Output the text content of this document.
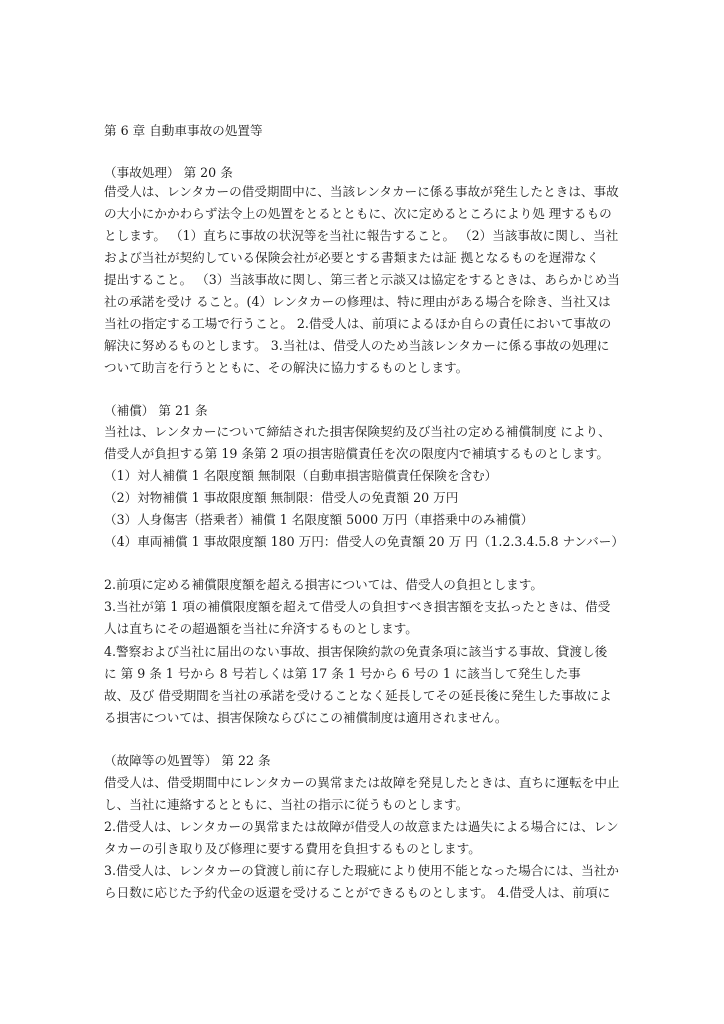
第 6 章 自動車事故の処置等
（事故処理） 第 20 条
借受人は、レンタカーの借受期間中に、当該レンタカーに係る事故が発生したときは、事故
の大小にかかわらず法令上の処置をとるとともに、次に定めるところにより処 理するもの
とします。 （1）直ちに事故の状況等を当社に報告すること。 （2）当該事故に関し、当社
および当社が契約している保険会社が必要とする書類または証 拠となるものを遅滞なく
提出すること。 （3）当該事故に関し、第三者と示談又は協定をするときは、あらかじめ当
社の承諾を受け ること。(4）レンタカーの修理は、特に理由がある場合を除き、当社又は
当社の指定する工場で行うこと。 2.借受人は、前項によるほか自らの責任において事故の
解決に努めるものとします。 3.当社は、借受人のため当該レンタカーに係る事故の処理に
ついて助言を行うとともに、その解決に協力するものとします。
（補償） 第 21 条
当社は、レンタカーについて締結された損害保険契約及び当社の定める補償制度 により、
借受人が負担する第 19 条第 2 項の損害賠償責任を次の限度内で補填するものとします。
（1）対人補償 1 名限度額 無制限（自動車損害賠償責任保険を含む）
（2）対物補償 1 事故限度額 無制限：借受人の免責額 20 万円
（3）人身傷害（搭乗者）補償 1 名限度額 5000 万円（車搭乗中のみ補償）
（4）車両補償 1 事故限度額 180 万円：借受人の免責額 20 万 円（1.2.3.4.5.8 ナンバー）
2.前項に定める補償限度額を超える損害については、借受人の負担とします。
3.当社が第 1 項の補償限度額を超えて借受人の負担すべき損害額を支払ったときは、借受
人は直ちにその超過額を当社に弁済するものとします。
4.警察および当社に届出のない事故、損害保険約款の免責条項に該当する事故、貸渡し後
に 第 9 条 1 号から 8 号若しくは第 17 条 1 号から 6 号の 1 に該当して発生した事
故、及び 借受期間を当社の承諾を受けることなく延長してその延長後に発生した事故によ
る損害については、損害保険ならびにこの補償制度は適用されません。
（故障等の処置等） 第 22 条
借受人は、借受期間中にレンタカーの異常または故障を発見したときは、直ちに運転を中止
し、当社に連絡するとともに、当社の指示に従うものとします。
2.借受人は、レンタカーの異常または故障が借受人の故意または過失による場合には、レン
タカーの引き取り及び修理に要する費用を負担するものとします。
3.借受人は、レンタカーの貸渡し前に存した瑕疵により使用不能となった場合には、当社か
ら日数に応じた予約代金の返還を受けることができるものとします。 4.借受人は、前項に
